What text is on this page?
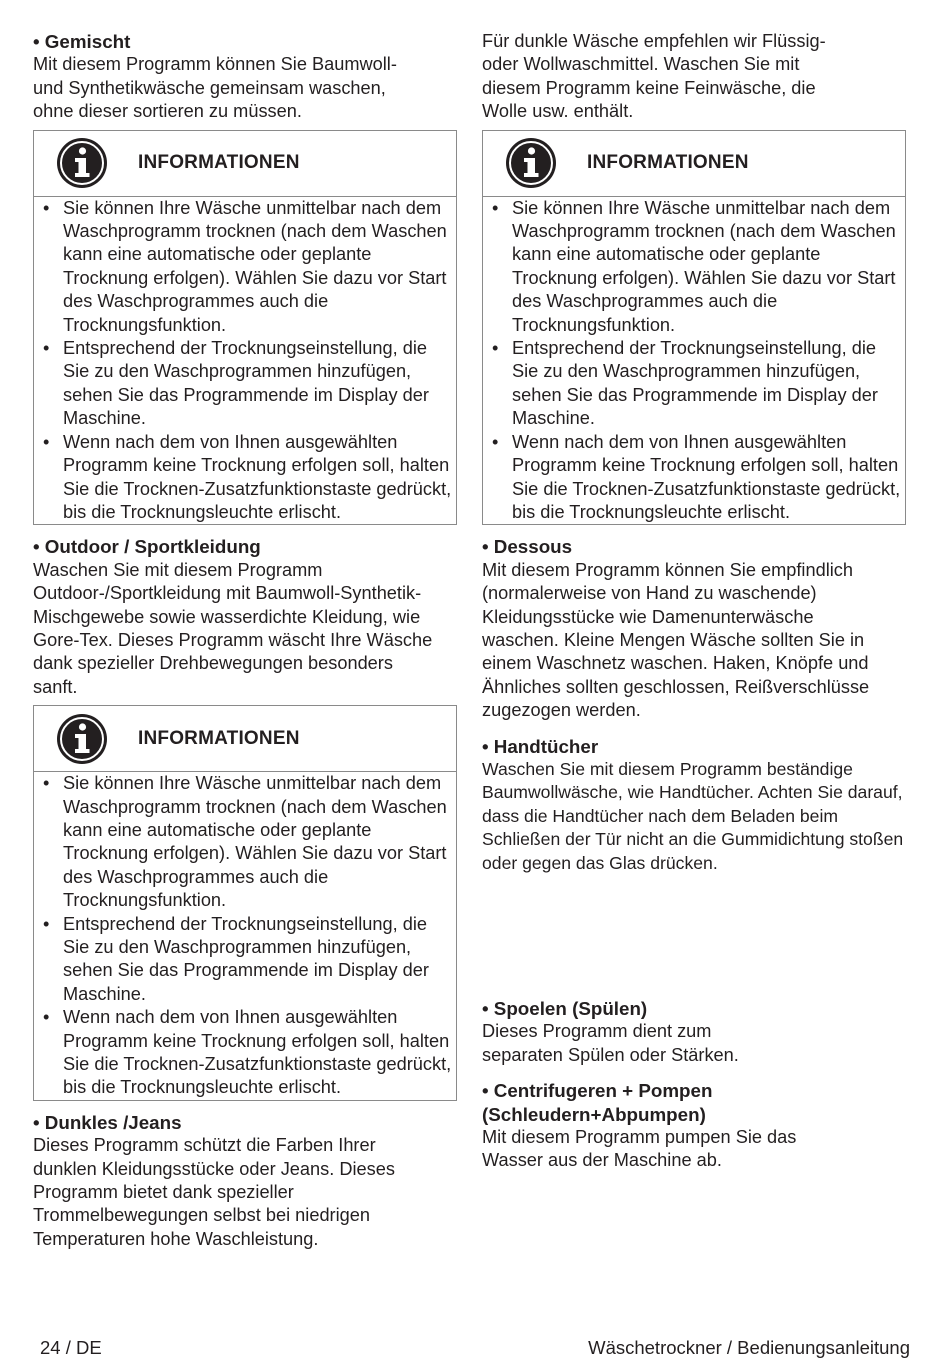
• Gemischt

Mit diesem Programm können Sie Baumwoll- und Synthetikwäsche gemeinsam waschen, ohne dieser sortieren zu müssen.

INFORMATIONEN
• Sie können Ihre Wäsche unmittelbar nach dem Waschprogramm trocknen (nach dem Waschen kann eine automatische oder geplante Trocknung erfolgen). Wählen Sie dazu vor Start des Waschprogrammes auch die Trocknungsfunktion.
• Entsprechend der Trocknungseinstellung, die Sie zu den Waschprogrammen hinzufügen, sehen Sie das Programmende im Display der Maschine.
• Wenn nach dem von Ihnen ausgewählten Programm keine Trocknung erfolgen soll, halten Sie die Trocknen-Zusatzfunktionstaste gedrückt, bis die Trocknungsleuchte erlischt.

• Outdoor / Sportkleidung

Waschen Sie mit diesem Programm Outdoor-/Sportkleidung mit Baumwoll-Synthetik-Mischgewebe sowie wasserdichte Kleidung, wie Gore-Tex. Dieses Programm wäscht Ihre Wäsche dank spezieller Drehbewegungen besonders sanft.

INFORMATIONEN
• Sie können Ihre Wäsche unmittelbar nach dem Waschprogramm trocknen (nach dem Waschen kann eine automatische oder geplante Trocknung erfolgen). Wählen Sie dazu vor Start des Waschprogrammes auch die Trocknungsfunktion.
• Entsprechend der Trocknungseinstellung, die Sie zu den Waschprogrammen hinzufügen, sehen Sie das Programmende im Display der Maschine.
• Wenn nach dem von Ihnen ausgewählten Programm keine Trocknung erfolgen soll, halten Sie die Trocknen-Zusatzfunktionstaste gedrückt, bis die Trocknungsleuchte erlischt.

• Dunkles /Jeans

Dieses Programm schützt die Farben Ihrer dunklen Kleidungsstücke oder Jeans. Dieses Programm bietet dank spezieller Trommelbewegungen selbst bei niedrigen Temperaturen hohe Waschleistung.

Für dunkle Wäsche empfehlen wir Flüssig- oder Wollwaschmittel. Waschen Sie mit diesem Programm keine Feinwäsche, die Wolle usw. enthält.

INFORMATIONEN
• Sie können Ihre Wäsche unmittelbar nach dem Waschprogramm trocknen (nach dem Waschen kann eine automatische oder geplante Trocknung erfolgen). Wählen Sie dazu vor Start des Waschprogrammes auch die Trocknungsfunktion.
• Entsprechend der Trocknungseinstellung, die Sie zu den Waschprogrammen hinzufügen, sehen Sie das Programmende im Display der Maschine.
• Wenn nach dem von Ihnen ausgewählten Programm keine Trocknung erfolgen soll, halten Sie die Trocknen-Zusatzfunktionstaste gedrückt, bis die Trocknungsleuchte erlischt.

• Dessous

Mit diesem Programm können Sie empfindlich (normalerweise von Hand zu waschende) Kleidungsstücke wie Damenunterwäsche waschen. Kleine Mengen Wäsche sollten Sie in einem Waschnetz waschen. Haken, Knöpfe und Ähnliches sollten geschlossen, Reißverschlüsse zugezogen werden.

• Handtücher

Waschen Sie mit diesem Programm beständige Baumwollwäsche, wie Handtücher. Achten Sie darauf, dass die Handtücher nach dem Beladen beim Schließen der Tür nicht an die Gummidichtung stoßen oder gegen das Glas drücken.

• Spoelen (Spülen)

Dieses Programm dient zum separaten Spülen oder Stärken.

• Centrifugeren + Pompen

(Schleudern+Abpumpen)

Mit diesem Programm pumpen Sie das Wasser aus der Maschine ab.

24 / DE	Wäschetrockner / Bedienungsanleitung
